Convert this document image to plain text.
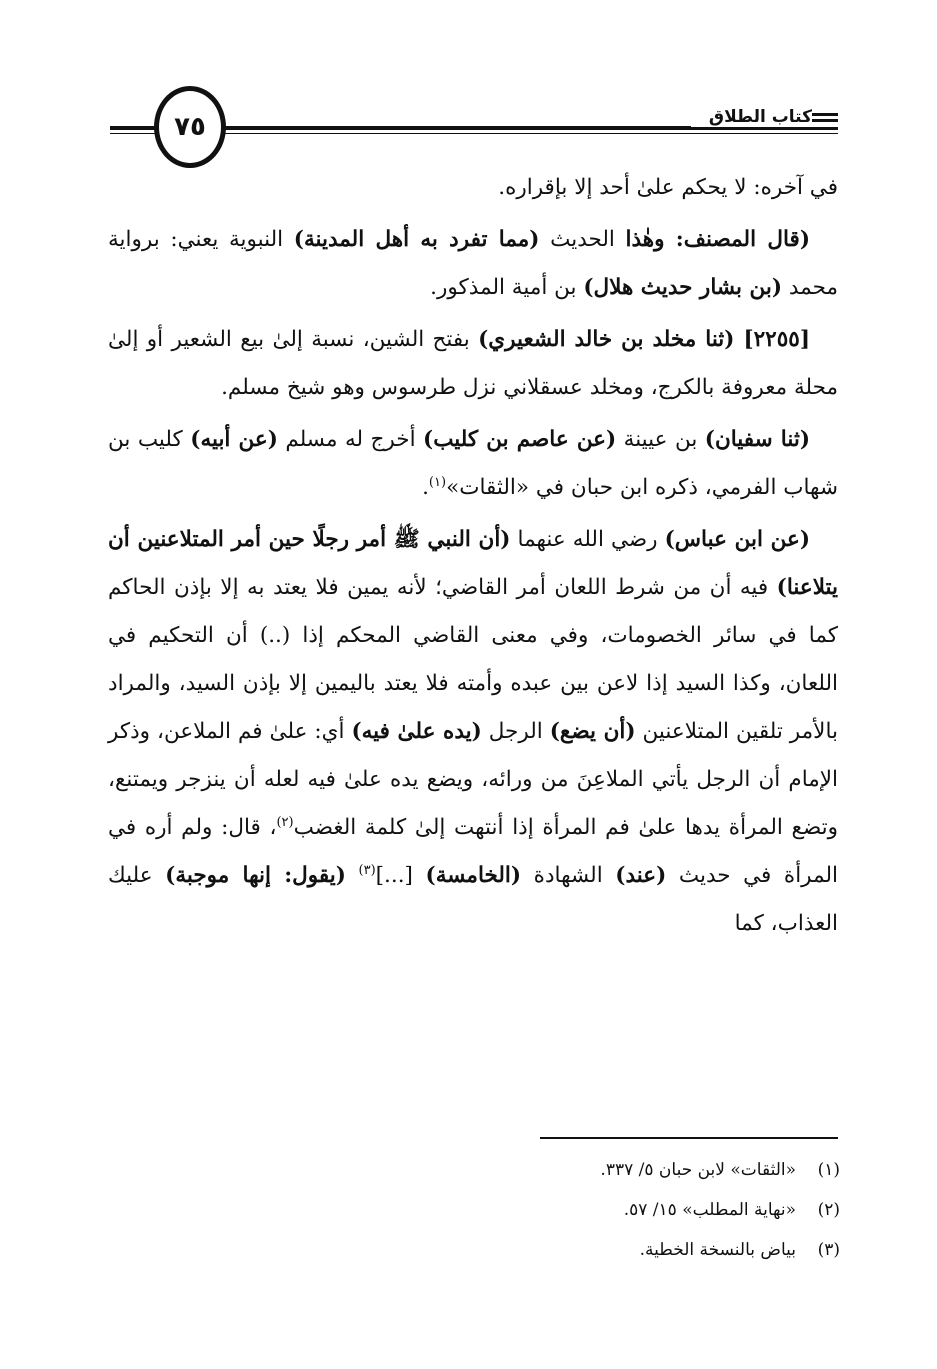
كتاب الطلاق
٧٥

في آخره: لا يحكم علىٰ أحد إلا بإقراره.

(قال المصنف: وهٰذا الحديث (مما تفرد به أهل المدينة) النبوية يعني: برواية محمد (بن بشار حديث هلال) بن أمية المذكور.

[٢٢٥٥] (ثنا مخلد بن خالد الشعيري) بفتح الشين، نسبة إلىٰ بيع الشعير أو إلىٰ محلة معروفة بالكرج، ومخلد عسقلاني نزل طرسوس وهو شيخ مسلم.

(ثنا سفيان) بن عيينة (عن عاصم بن كليب) أخرج له مسلم (عن أبيه) كليب بن شهاب الفرمي، ذكره ابن حبان في «الثقات»$^{(١)}$.

(عن ابن عباس) رضي الله عنهما (أن النبي ﷺ أمر رجلًا حين أمر المتلاعنين أن يتلاعنا) فيه أن من شرط اللعان أمر القاضي؛ لأنه يمين فلا يعتد به إلا بإذن الحاكم كما في سائر الخصومات، وفي معنى القاضي المحكم إذا (..) أن التحكيم في اللعان، وكذا السيد إذا لاعن بين عبده وأمته فلا يعتد باليمين إلا بإذن السيد، والمراد بالأمر تلقين المتلاعنين (أن يضع) الرجل (يده علىٰ فيه) أي: علىٰ فم الملاعن، وذكر الإمام أن الرجل يأتي الملاعِنَ من ورائه، ويضع يده علىٰ فيه لعله أن ينزجر ويمتنع، وتضع المرأة يدها علىٰ فم المرأة إذا أنتهت إلىٰ كلمة الغضب$^{(٢)}$، قال: ولم أره في المرأة في حديث (عند) الشهادة (الخامسة) [...]$^{(٣)}$ (يقول: إنها موجبة) عليك العذاب، كما

(١)
«الثقات» لابن حبان ٥/ ٣٣٧.
(٢)
«نهاية المطلب» ١٥/ ٥٧.
(٣)
بياض بالنسخة الخطية.
